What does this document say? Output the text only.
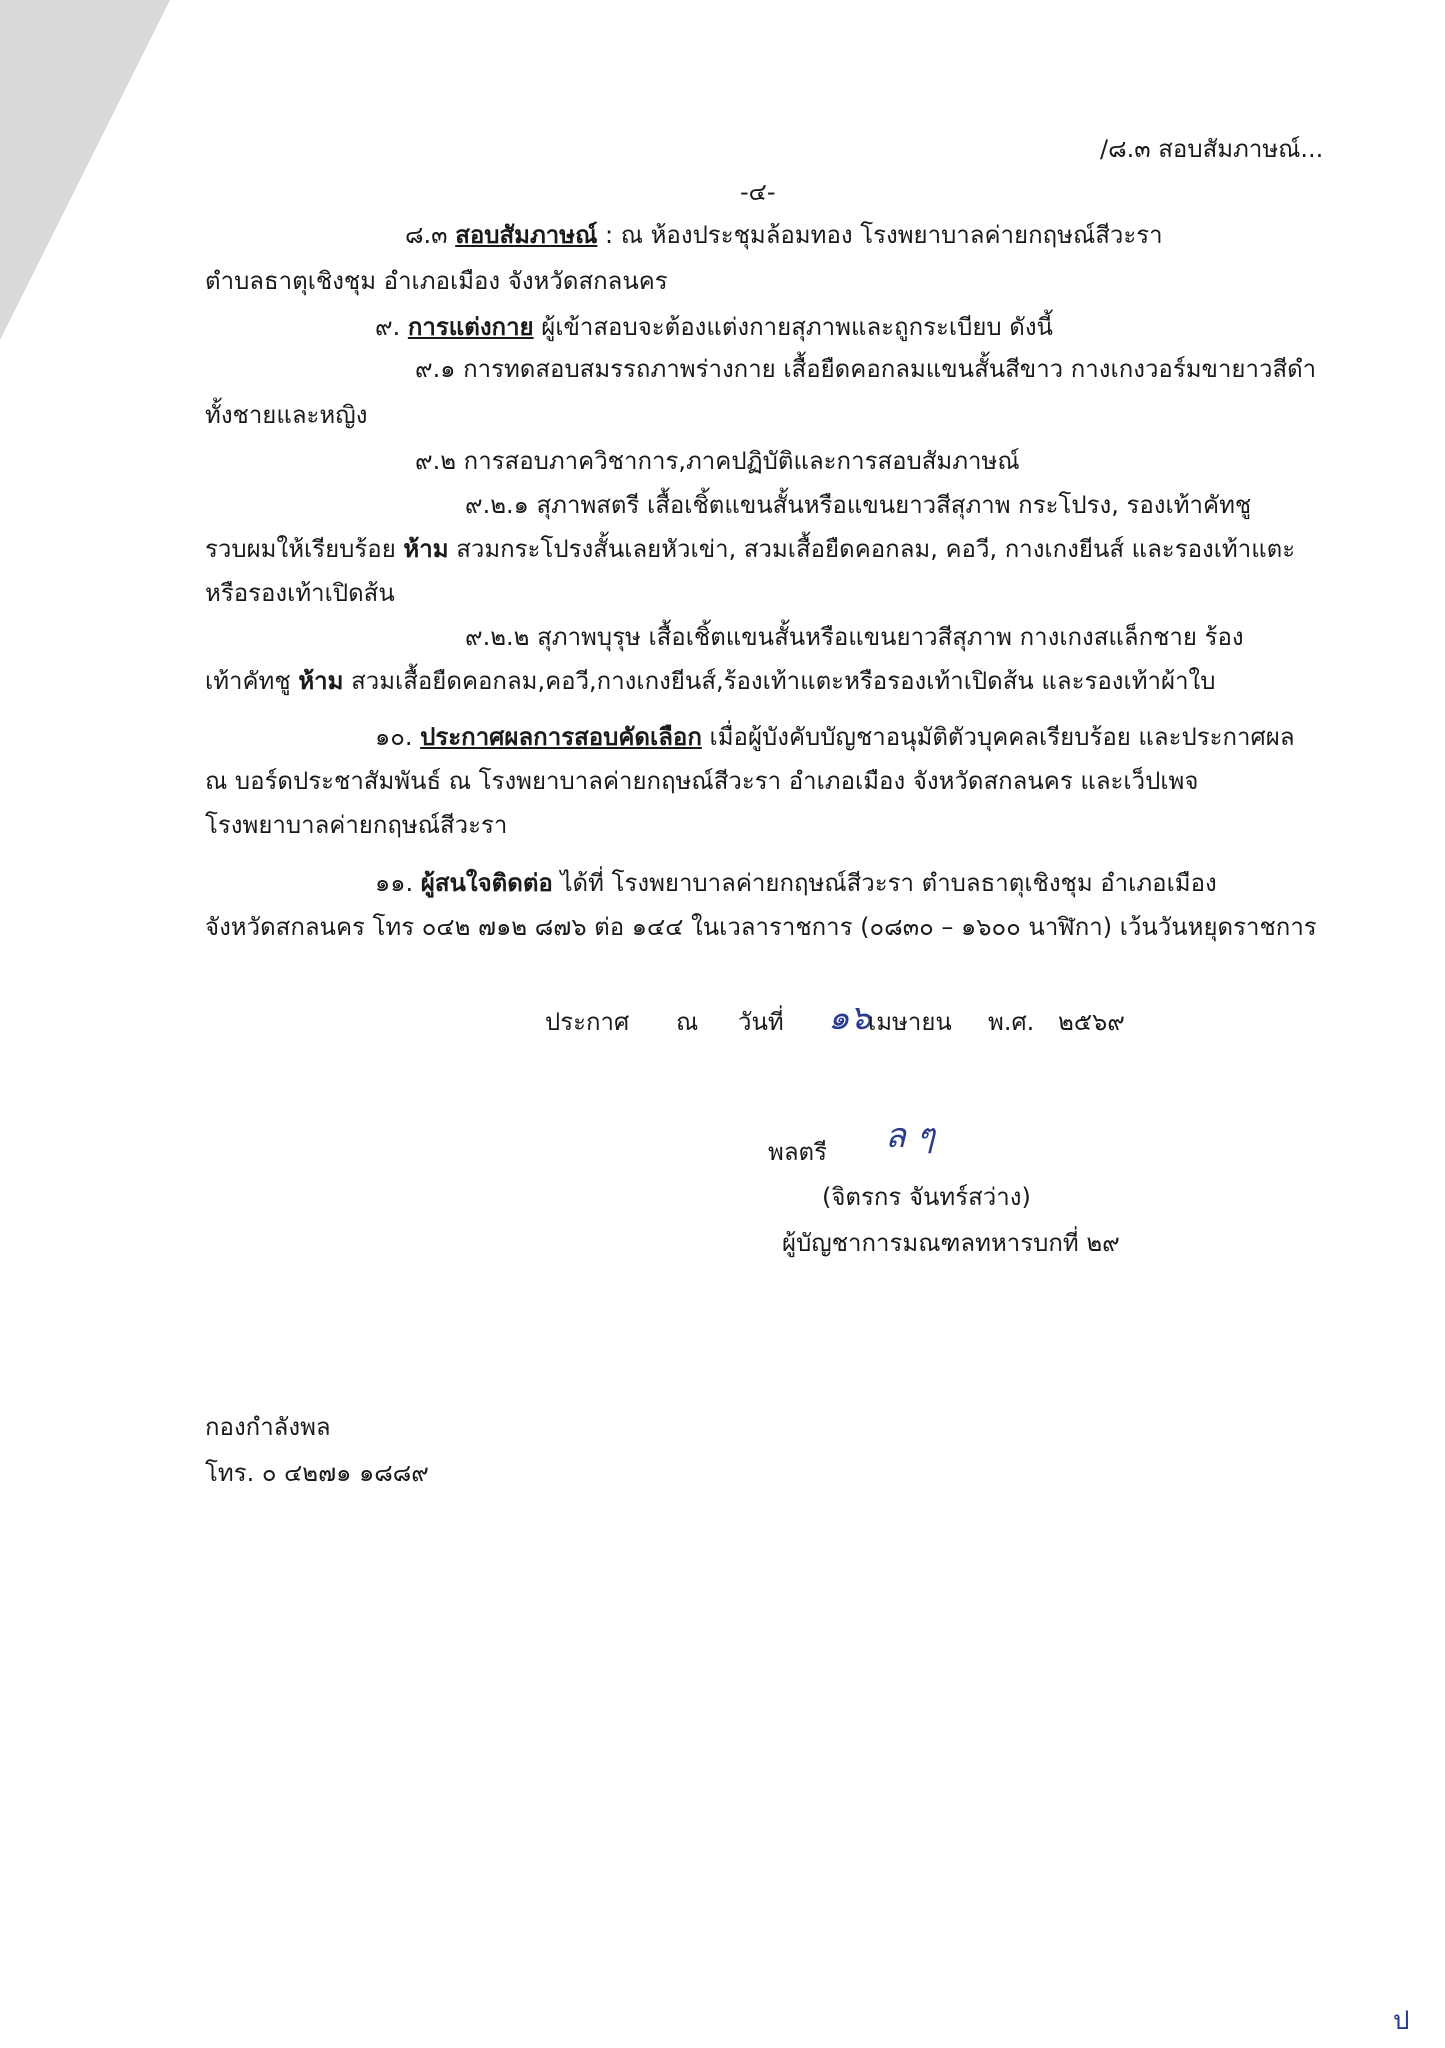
/๘.๓ สอบสัมภาษณ์...
-๔-
๘.๓ สอบสัมภาษณ์ : ณ ห้องประชุมล้อมทอง โรงพยาบาลค่ายกฤษณ์สีวะรา
ตำบลธาตุเชิงชุม อำเภอเมือง จังหวัดสกลนคร
๙. การแต่งกาย ผู้เข้าสอบจะต้องแต่งกายสุภาพและถูกระเบียบ ดังนี้
๙.๑ การทดสอบสมรรถภาพร่างกาย เสื้อยืดคอกลมแขนสั้นสีขาว กางเกงวอร์มขายาวสีดำ
ทั้งชายและหญิง
๙.๒ การสอบภาควิชาการ,ภาคปฏิบัติและการสอบสัมภาษณ์
๙.๒.๑ สุภาพสตรี เสื้อเชิ้ตแขนสั้นหรือแขนยาวสีสุภาพ กระโปรง, รองเท้าคัทชู
รวบผมให้เรียบร้อย ห้าม สวมกระโปรงสั้นเลยหัวเข่า, สวมเสื้อยืดคอกลม, คอวี, กางเกงยีนส์ และรองเท้าแตะ
หรือรองเท้าเปิดส้น
๙.๒.๒ สุภาพบุรุษ เสื้อเชิ้ตแขนสั้นหรือแขนยาวสีสุภาพ กางเกงสแล็กชาย ร้อง
เท้าคัทชู ห้าม สวมเสื้อยืดคอกลม,คอวี,กางเกงยีนส์,ร้องเท้าแตะหรือรองเท้าเปิดส้น และรองเท้าผ้าใบ
๑๐. ประกาศผลการสอบคัดเลือก เมื่อผู้บังคับบัญชาอนุมัติตัวบุคคลเรียบร้อย และประกาศผล
ณ บอร์ดประชาสัมพันธ์ ณ โรงพยาบาลค่ายกฤษณ์สีวะรา อำเภอเมือง จังหวัดสกลนคร และเว็ปเพจ
โรงพยาบาลค่ายกฤษณ์สีวะรา
๑๑. ผู้สนใจติดต่อ ได้ที่ โรงพยาบาลค่ายกฤษณ์สีวะรา ตำบลธาตุเชิงชุม อำเภอเมือง
จังหวัดสกลนคร โทร ๐๔๒ ๗๑๒ ๘๗๖ ต่อ ๑๔๔ ในเวลาราชการ (๐๘๓๐ – ๑๖๐๐ นาฬิกา) เว้นวันหยุดราชการ
ประกาศ ณ วันที่ ๑๖
เมษายน พ.ศ. ๒๕๖๙
ล ๆ
พลตรี
(จิตรกร จันทร์สว่าง)
ผู้บัญชาการมณฑลทหารบกที่ ๒๙
กองกำลังพล
โทร. ๐ ๔๒๗๑ ๑๘๘๙
ป
